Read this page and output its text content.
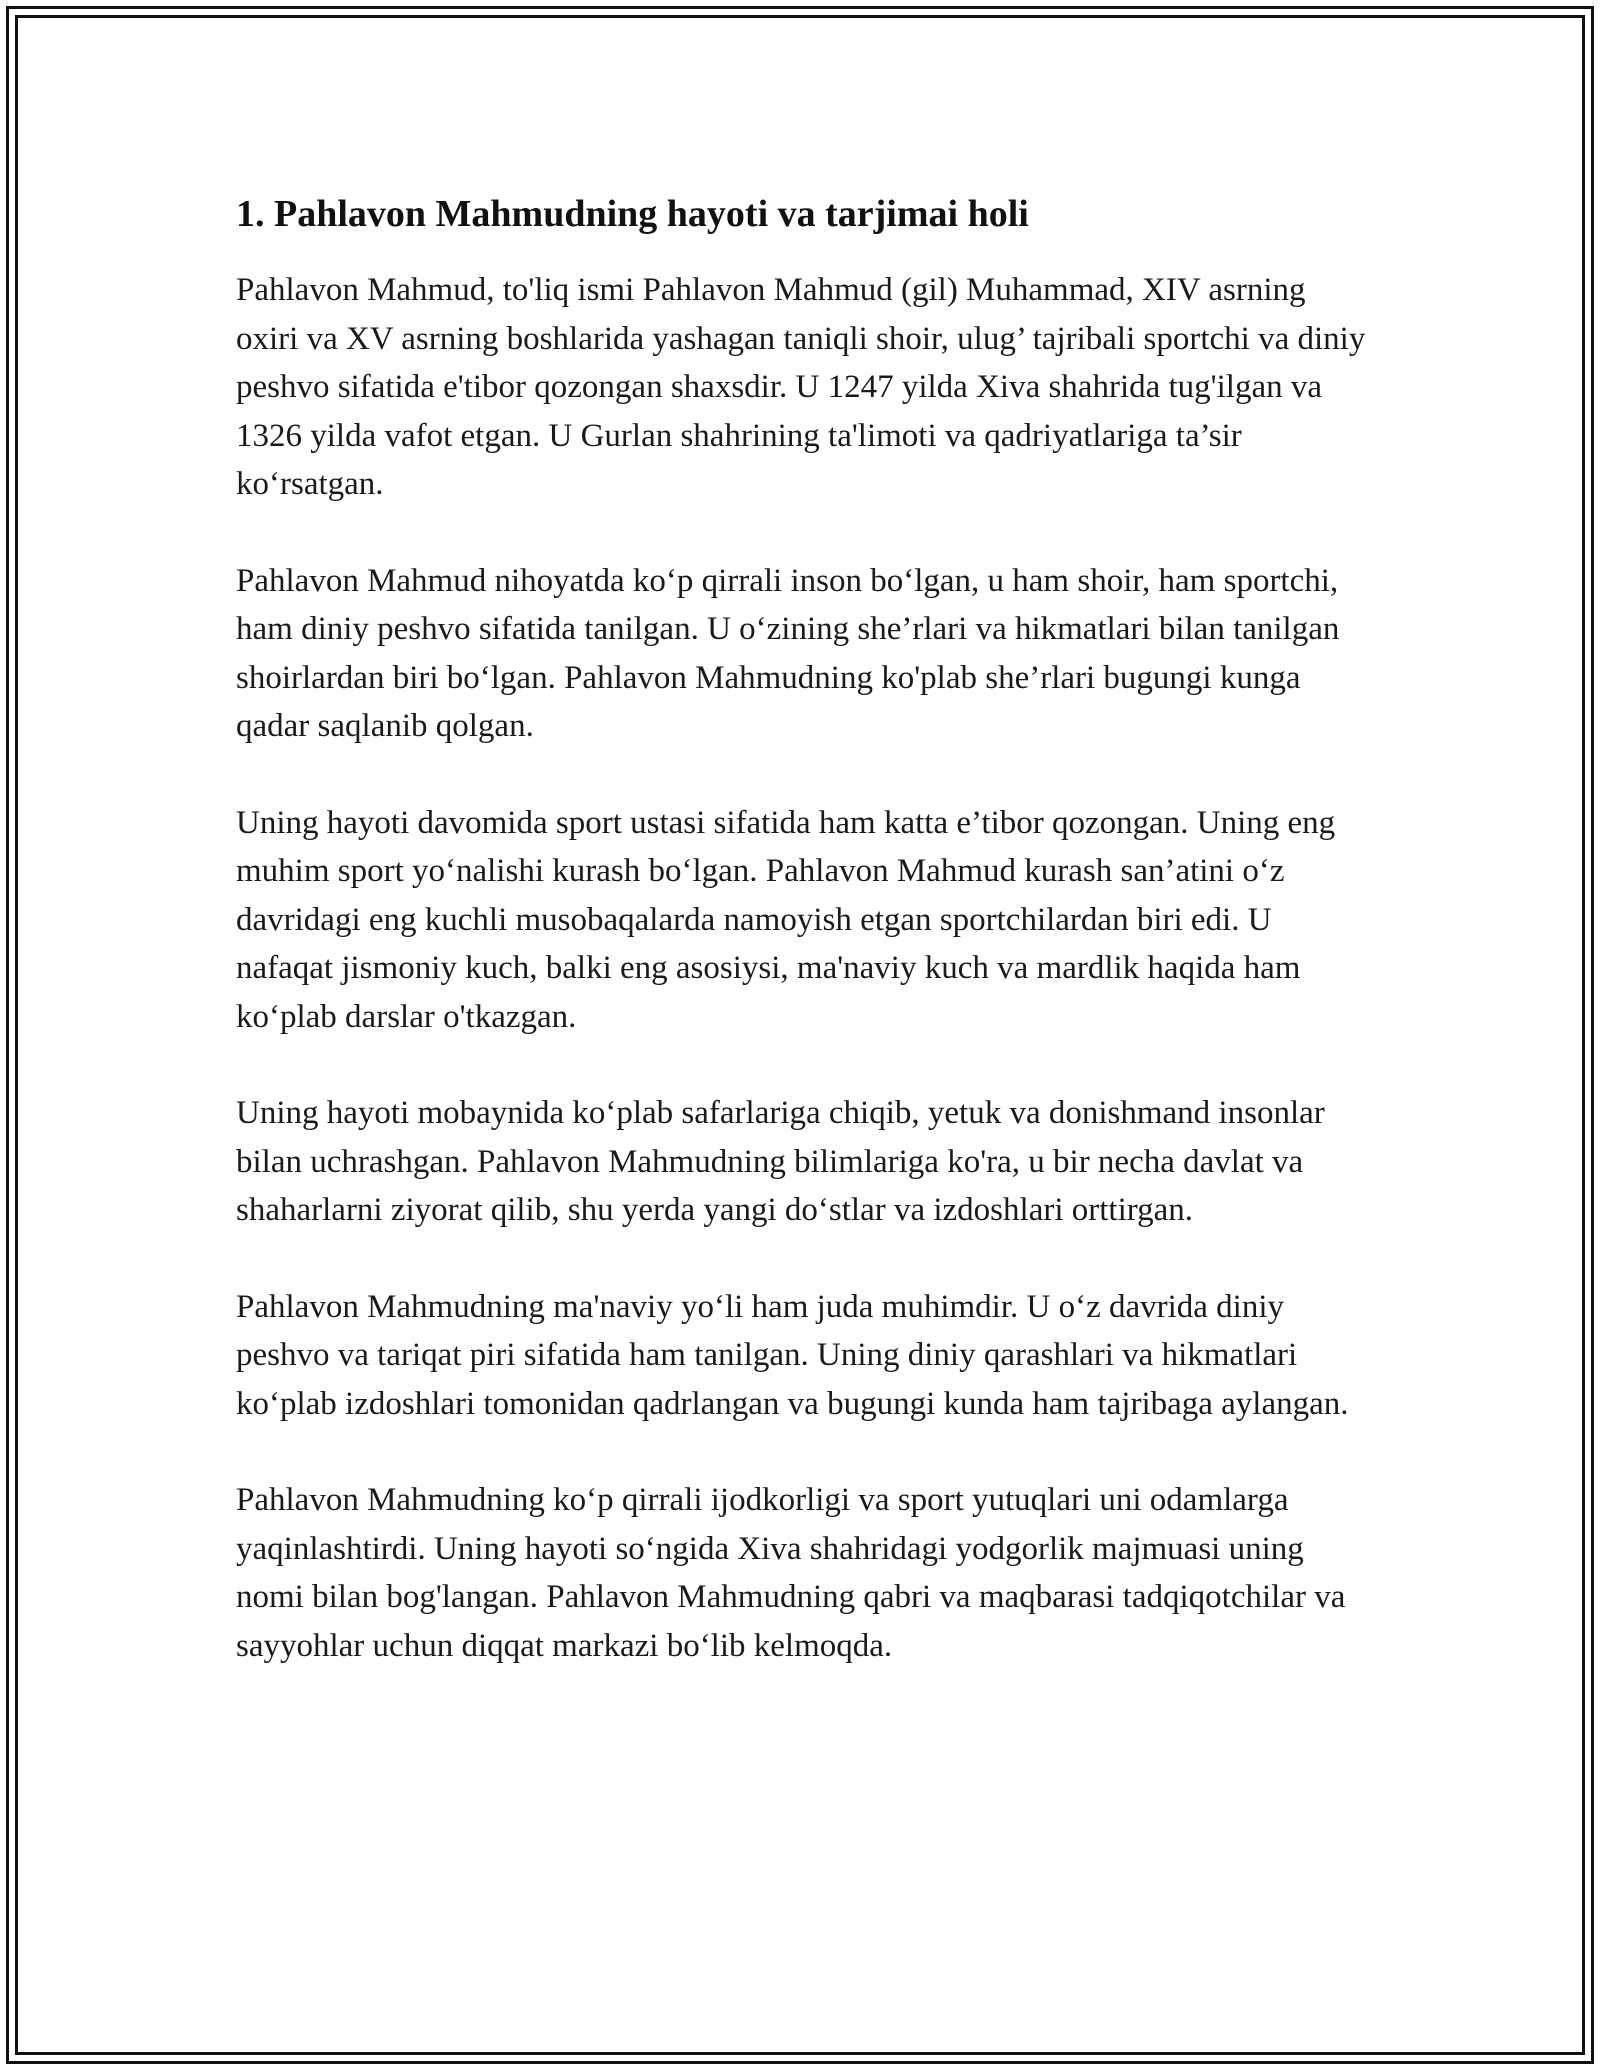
1. Pahlavon Mahmudning hayoti va tarjimai holi

Pahlavon Mahmud, to'liq ismi Pahlavon Mahmud (gil) Muhammad, XIV asrning oxiri va XV asrning boshlarida yashagan taniqli shoir, ulug’ tajribali sportchi va diniy peshvo sifatida e'tibor qozongan shaxsdir. U 1247 yilda Xiva shahrida tug'ilgan va 1326 yilda vafot etgan. U Gurlan shahrining ta'limoti va qadriyatlariga ta’sir ko‘rsatgan.

Pahlavon Mahmud nihoyatda ko‘p qirrali inson bo‘lgan, u ham shoir, ham sportchi, ham diniy peshvo sifatida tanilgan. U o‘zining she’rlari va hikmatlari bilan tanilgan shoirlardan biri bo‘lgan. Pahlavon Mahmudning ko'plab she’rlari bugungi kunga qadar saqlanib qolgan.

Uning hayoti davomida sport ustasi sifatida ham katta e’tibor qozongan. Uning eng muhim sport yo‘nalishi kurash bo‘lgan. Pahlavon Mahmud kurash san’atini o‘z davridagi eng kuchli musobaqalarda namoyish etgan sportchilardan biri edi. U nafaqat jismoniy kuch, balki eng asosiysi, ma'naviy kuch va mardlik haqida ham ko‘plab darslar o'tkazgan.

Uning hayoti mobaynida ko‘plab safarlariga chiqib, yetuk va donishmand insonlar bilan uchrashgan. Pahlavon Mahmudning bilimlariga ko'ra, u bir necha davlat va shaharlarni ziyorat qilib, shu yerda yangi do‘stlar va izdoshlari orttirgan.

Pahlavon Mahmudning ma'naviy yo‘li ham juda muhimdir. U o‘z davrida diniy peshvo va tariqat piri sifatida ham tanilgan. Uning diniy qarashlari va hikmatlari ko‘plab izdoshlari tomonidan qadrlangan va bugungi kunda ham tajribaga aylangan.

Pahlavon Mahmudning ko‘p qirrali ijodkorligi va sport yutuqlari uni odamlarga yaqinlashtirdi. Uning hayoti so‘ngida Xiva shahridagi yodgorlik majmuasi uning nomi bilan bog'langan. Pahlavon Mahmudning qabri va maqbarasi tadqiqotchilar va sayyohlar uchun diqqat markazi bo‘lib kelmoqda.
